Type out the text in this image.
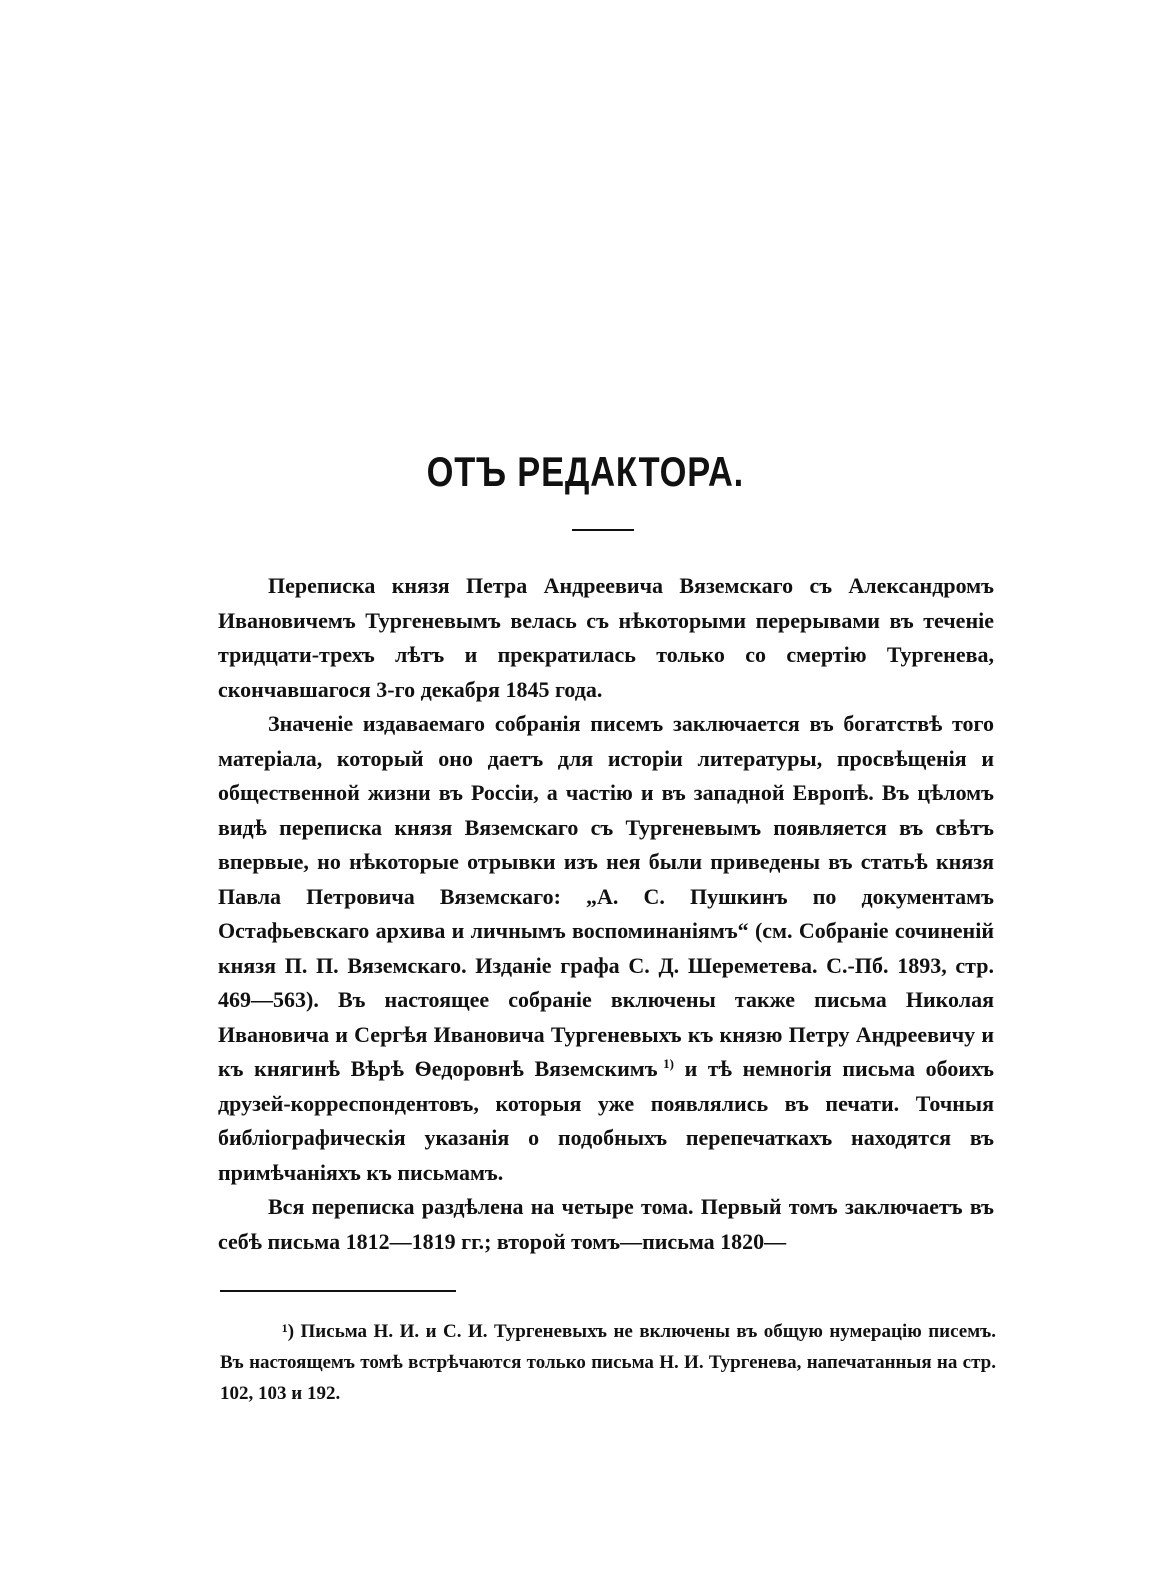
ОТЪ РЕДАКТОРА.

Переписка князя Петра Андреевича Вяземскаго съ Александромъ Ивановичемъ Тургеневымъ велась съ нѣкоторыми перерывами въ теченіе тридцати-трехъ лѣтъ и прекратилась только со смертію Тургенева, скончавшагося 3-го декабря 1845 года.

Значеніе издаваемаго собранія писемъ заключается въ богатствѣ того матеріала, который оно даетъ для исторіи литературы, просвѣщенія и общественной жизни въ Россіи, а частію и въ западной Европѣ. Въ цѣломъ видѣ переписка князя Вяземскаго съ Тургеневымъ появляется въ свѣтъ впервые, но нѣкоторые отрывки изъ нея были приведены въ статьѣ князя Павла Петровича Вяземскаго: „А. С. Пушкинъ по документамъ Остафьевскаго архива и личнымъ воспоминаніямъ“ (см. Собраніе сочиненій князя П. П. Вяземскаго. Изданіе графа С. Д. Шереметева. С.-Пб. 1893, стр. 469—563). Въ настоящее собраніе включены также письма Николая Ивановича и Сергѣя Ивановича Тургеневыхъ къ князю Петру Андреевичу и къ княгинѣ Вѣрѣ Ѳедоровнѣ Вяземскимъ  $^{1)}$ и тѣ немногія письма обоихъ друзей-корреспондентовъ, которыя уже появлялись въ печати. Точныя библіографическія указанія о подобныхъ перепечаткахъ находятся въ примѣчаніяхъ къ письмамъ.

Вся переписка раздѣлена на четыре тома. Первый томъ заключаетъ въ себѣ письма 1812—1819 гг.; второй томъ—письма 1820—

¹) Письма Н. И. и С. И. Тургеневыхъ не включены въ общую нумерацію писемъ. Въ настоящемъ томѣ встрѣчаются только письма Н. И. Тургенева, напечатанныя на стр. 102, 103 и 192.
